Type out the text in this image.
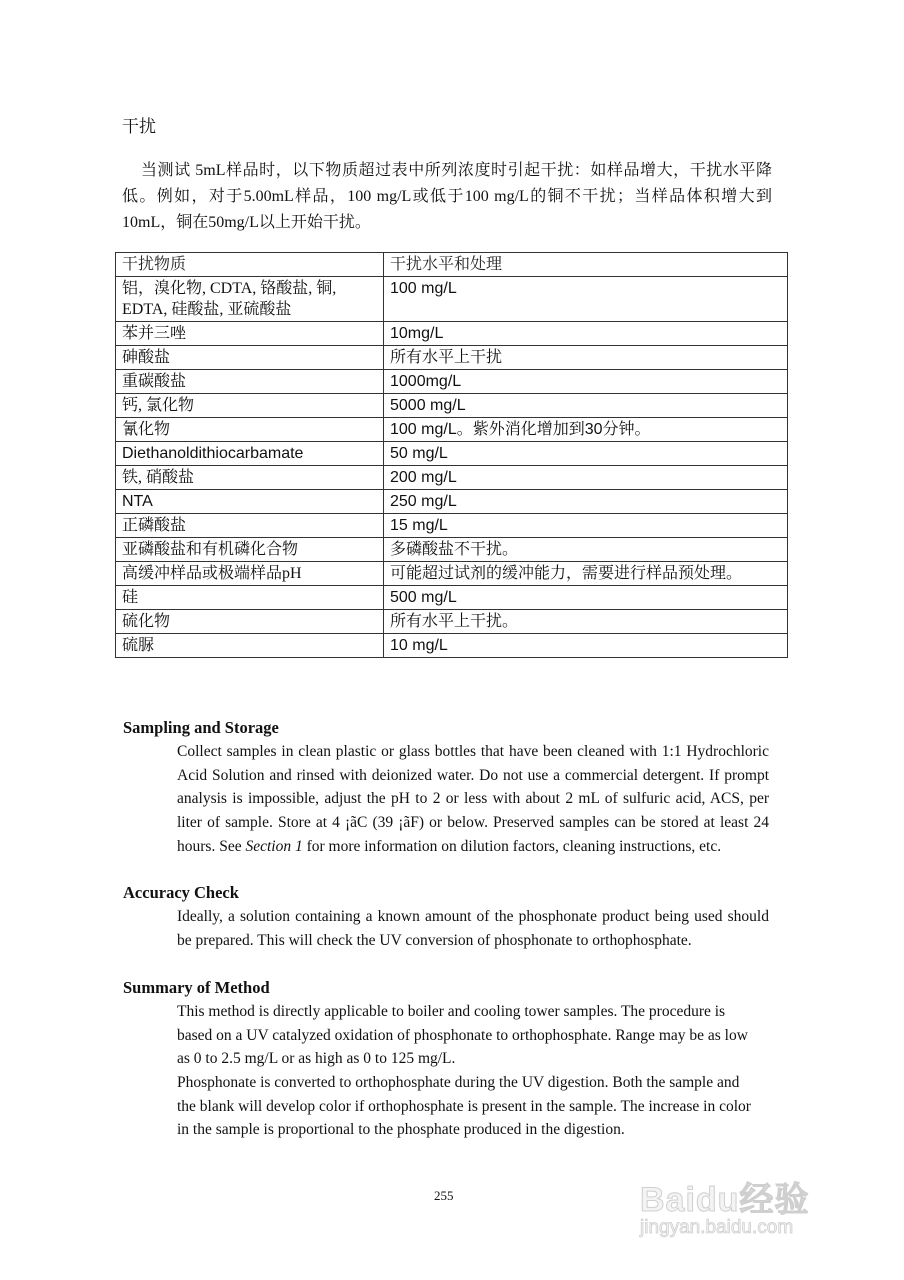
干扰
当测试 5mL样品时，以下物质超过表中所列浓度时引起干扰：如样品增大，干扰水平降低。例如，对于5.00mL样品，100 mg/L或低于100 mg/L的铜不干扰；当样品体积增大到10mL，铜在50mg/L以上开始干扰。
干扰物质	干扰水平和处理
铝，溴化物, CDTA, 铬酸盐, 铜, EDTA, 硅酸盐, 亚硫酸盐	100 mg/L
苯并三唑	10mg/L
砷酸盐	所有水平上干扰
重碳酸盐	1000mg/L
钙, 氯化物	5000 mg/L
氰化物	100 mg/L。紫外消化增加到30分钟。
Diethanoldithiocarbamate	50 mg/L
铁, 硝酸盐	200 mg/L
NTA	250 mg/L
正磷酸盐	15 mg/L
亚磷酸盐和有机磷化合物	多磷酸盐不干扰。
高缓冲样品或极端样品pH	可能超过试剂的缓冲能力，需要进行样品预处理。
硅	500 mg/L
硫化物	所有水平上干扰。
硫脲	10 mg/L
Sampling and Storage
Collect samples in clean plastic or glass bottles that have been cleaned with 1:1 Hydrochloric Acid Solution and rinsed with deionized water. Do not use a commercial detergent. If prompt analysis is impossible, adjust the pH to 2 or less with about 2 mL of sulfuric acid, ACS, per liter of sample. Store at 4 ¡ãC (39 ¡ãF) or below. Preserved samples can be stored at least 24 hours. See Section 1 for more information on dilution factors, cleaning instructions, etc.
Accuracy Check
Ideally, a solution containing a known amount of the phosphonate product being used should be prepared. This will check the UV conversion of phosphonate to orthophosphate.
Summary of Method
This method is directly applicable to boiler and cooling tower samples. The procedure is based on a UV catalyzed oxidation of phosphonate to orthophosphate. Range may be as low as 0 to 2.5 mg/L or as high as 0 to 125 mg/L.
Phosphonate is converted to orthophosphate during the UV digestion. Both the sample and the blank will develop color if orthophosphate is present in the sample. The increase in color in the sample is proportional to the phosphate produced in the digestion.
255	Baidu经验
jingyan.baidu.com
